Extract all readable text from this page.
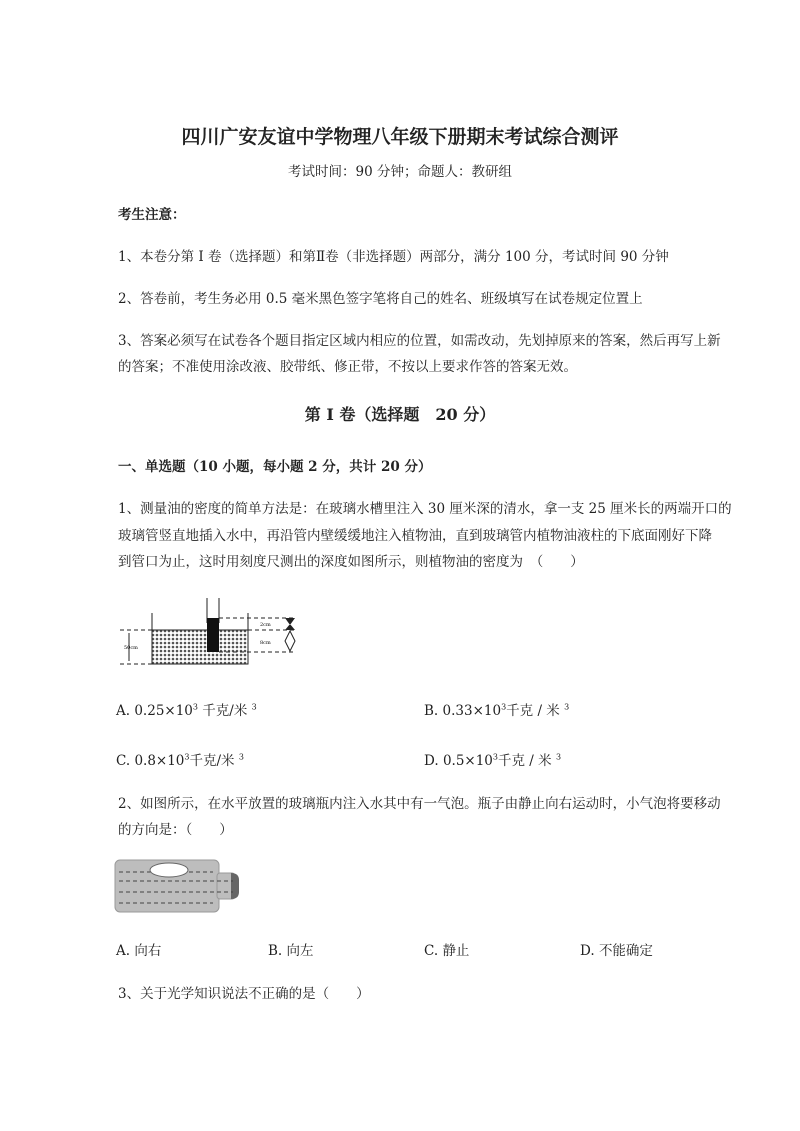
四川广安友谊中学物理八年级下册期末考试综合测评
考试时间：90 分钟；命题人：教研组
考生注意：
1、本卷分第 I 卷（选择题）和第Ⅱ卷（非选择题）两部分，满分 100 分，考试时间 90 分钟
2、答卷前，考生务必用 0.5 毫米黑色签字笔将自己的姓名、班级填写在试卷规定位置上
3、答案必须写在试卷各个题目指定区域内相应的位置，如需改动，先划掉原来的答案，然后再写上新
的答案；不准使用涂改液、胶带纸、修正带，不按以上要求作答的答案无效。
第 I 卷（选择题　20 分）
一、单选题（10 小题，每小题 2 分，共计 20 分）
1、测量油的密度的简单方法是：在玻璃水槽里注入 30 厘米深的清水，拿一支 25 厘米长的两端开口的
玻璃管竖直地插入水中，再沿管内壁缓缓地注入植物油，直到玻璃管内植物油液柱的下底面刚好下降
到管口为止，这时用刻度尺测出的深度如图所示，则植物油的密度为　（　　）
2cm
8cm
50cm
A. $0.25\times 10^3$ 千克/米 $^3$	B. $0.33\times 10^3$千克 / 米 $^3$
C. $0.8\times 10^3$千克/米 $^3$	D. $0.5\times 10^3$千克 / 米 $^3$
2、如图所示，在水平放置的玻璃瓶内注入水其中有一气泡。瓶子由静止向右运动时，小气泡将要移动
的方向是：（　　）
A. 向右	B. 向左	C. 静止	D. 不能确定
3、关于光学知识说法不正确的是（　　）
